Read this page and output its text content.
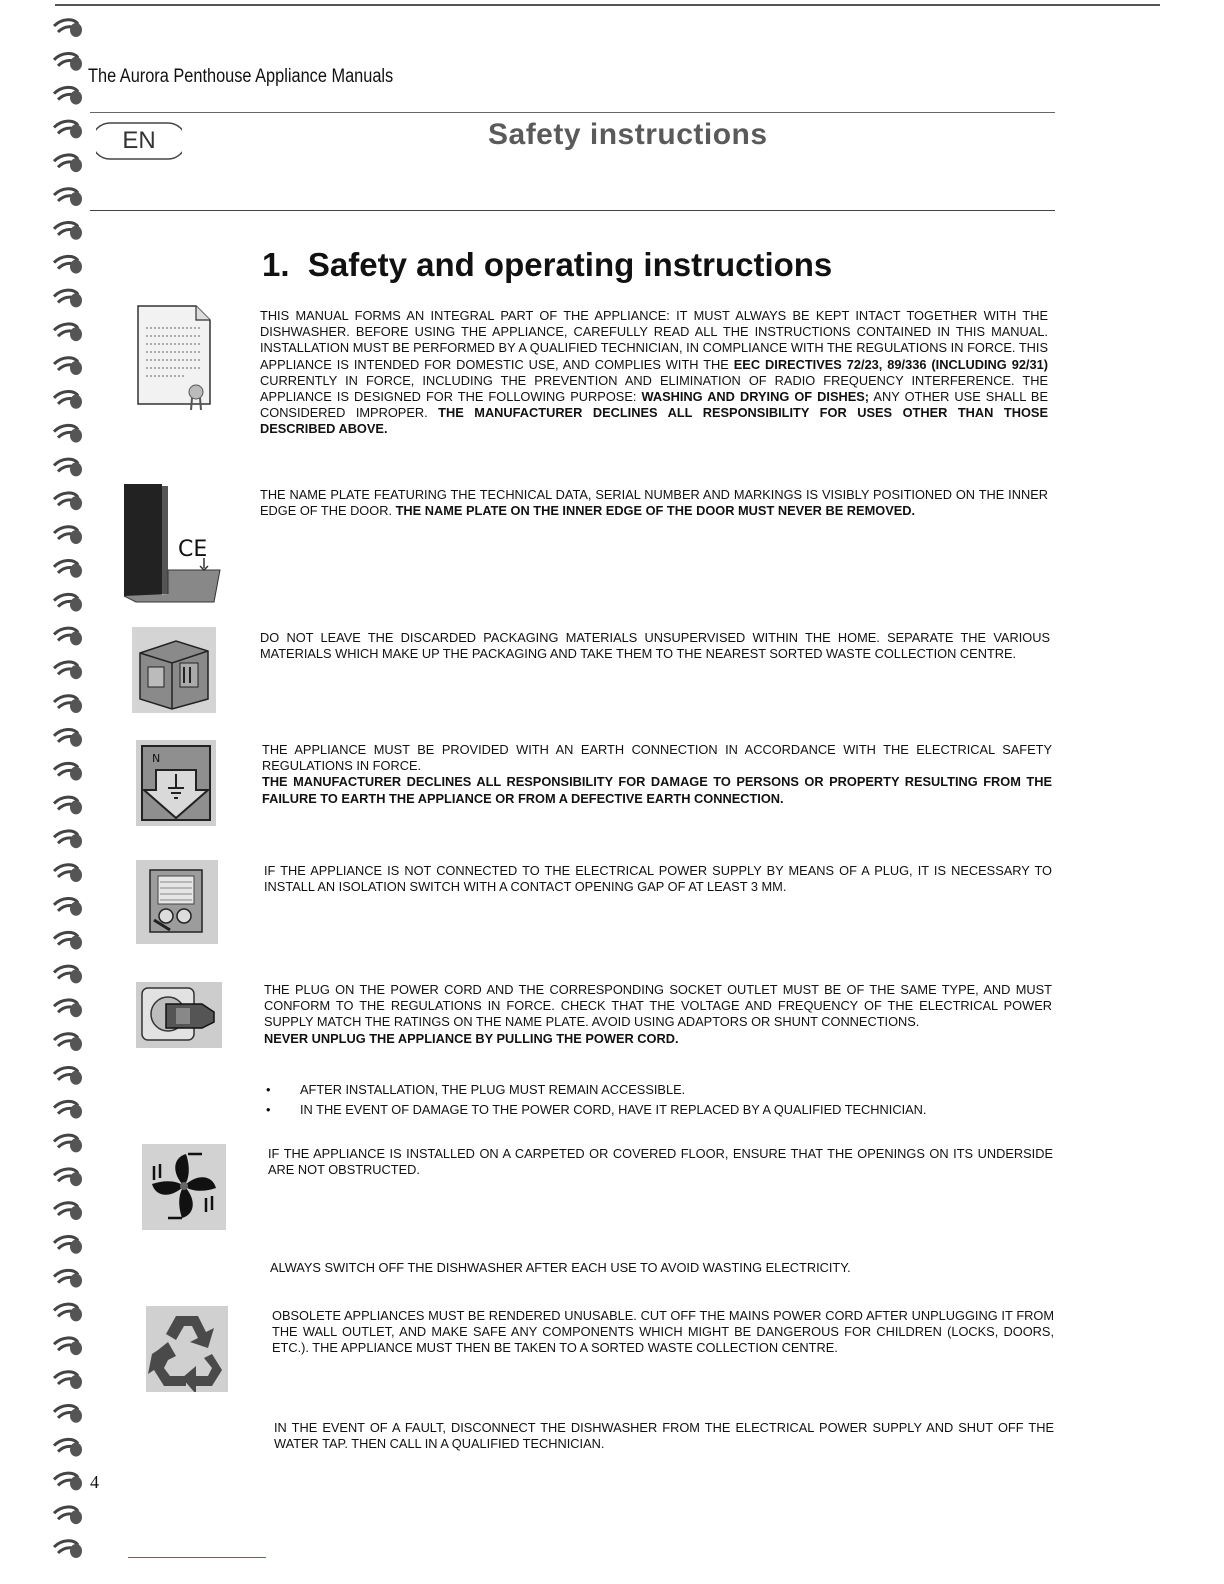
The Aurora Penthouse Appliance Manuals
EN	Safety instructions
1. Safety and operating instructions
CE
N
THIS MANUAL FORMS AN INTEGRAL PART OF THE APPLIANCE: IT MUST ALWAYS BE KEPT INTACT TOGETHER WITH THE DISHWASHER. BEFORE USING THE APPLIANCE, CAREFULLY READ ALL THE INSTRUCTIONS CONTAINED IN THIS MANUAL. INSTALLATION MUST BE PERFORMED BY A QUALIFIED TECHNICIAN, IN COMPLIANCE WITH THE REGULATIONS IN FORCE. THIS APPLIANCE IS INTENDED FOR DOMESTIC USE, AND COMPLIES WITH THE EEC DIRECTIVES 72/23, 89/336 (INCLUDING 92/31) CURRENTLY IN FORCE, INCLUDING THE PREVENTION AND ELIMINATION OF RADIO FREQUENCY INTERFERENCE. THE APPLIANCE IS DESIGNED FOR THE FOLLOWING PURPOSE: WASHING AND DRYING OF DISHES; ANY OTHER USE SHALL BE CONSIDERED IMPROPER. THE MANUFACTURER DECLINES ALL RESPONSIBILITY FOR USES OTHER THAN THOSE DESCRIBED ABOVE.
THE NAME PLATE FEATURING THE TECHNICAL DATA, SERIAL NUMBER AND MARKINGS IS VISIBLY POSITIONED ON THE INNER EDGE OF THE DOOR. THE NAME PLATE ON THE INNER EDGE OF THE DOOR MUST NEVER BE REMOVED.
DO NOT LEAVE THE DISCARDED PACKAGING MATERIALS UNSUPERVISED WITHIN THE HOME. SEPARATE THE VARIOUS MATERIALS WHICH MAKE UP THE PACKAGING AND TAKE THEM TO THE NEAREST SORTED WASTE COLLECTION CENTRE.
THE APPLIANCE MUST BE PROVIDED WITH AN EARTH CONNECTION IN ACCORDANCE WITH THE ELECTRICAL SAFETY REGULATIONS IN FORCE.
THE MANUFACTURER DECLINES ALL RESPONSIBILITY FOR DAMAGE TO PERSONS OR PROPERTY RESULTING FROM THE FAILURE TO EARTH THE APPLIANCE OR FROM A DEFECTIVE EARTH CONNECTION.
IF THE APPLIANCE IS NOT CONNECTED TO THE ELECTRICAL POWER SUPPLY BY MEANS OF A PLUG, IT IS NECESSARY TO INSTALL AN ISOLATION SWITCH WITH A CONTACT OPENING GAP OF AT LEAST 3 MM.
THE PLUG ON THE POWER CORD AND THE CORRESPONDING SOCKET OUTLET MUST BE OF THE SAME TYPE, AND MUST CONFORM TO THE REGULATIONS IN FORCE. CHECK THAT THE VOLTAGE AND FREQUENCY OF THE ELECTRICAL POWER SUPPLY MATCH THE RATINGS ON THE NAME PLATE. AVOID USING ADAPTORS OR SHUNT CONNECTIONS.
NEVER UNPLUG THE APPLIANCE BY PULLING THE POWER CORD.
• AFTER INSTALLATION, THE PLUG MUST REMAIN ACCESSIBLE.
• IN THE EVENT OF DAMAGE TO THE POWER CORD, HAVE IT REPLACED BY A QUALIFIED TECHNICIAN.
IF THE APPLIANCE IS INSTALLED ON A CARPETED OR COVERED FLOOR, ENSURE THAT THE OPENINGS ON ITS UNDERSIDE ARE NOT OBSTRUCTED.
ALWAYS SWITCH OFF THE DISHWASHER AFTER EACH USE TO AVOID WASTING ELECTRICITY.
OBSOLETE APPLIANCES MUST BE RENDERED UNUSABLE. CUT OFF THE MAINS POWER CORD AFTER UNPLUGGING IT FROM THE WALL OUTLET, AND MAKE SAFE ANY COMPONENTS WHICH MIGHT BE DANGEROUS FOR CHILDREN (LOCKS, DOORS, ETC.). THE APPLIANCE MUST THEN BE TAKEN TO A SORTED WASTE COLLECTION CENTRE.
IN THE EVENT OF A FAULT, DISCONNECT THE DISHWASHER FROM THE ELECTRICAL POWER SUPPLY AND SHUT OFF THE WATER TAP. THEN CALL IN A QUALIFIED TECHNICIAN.
4
